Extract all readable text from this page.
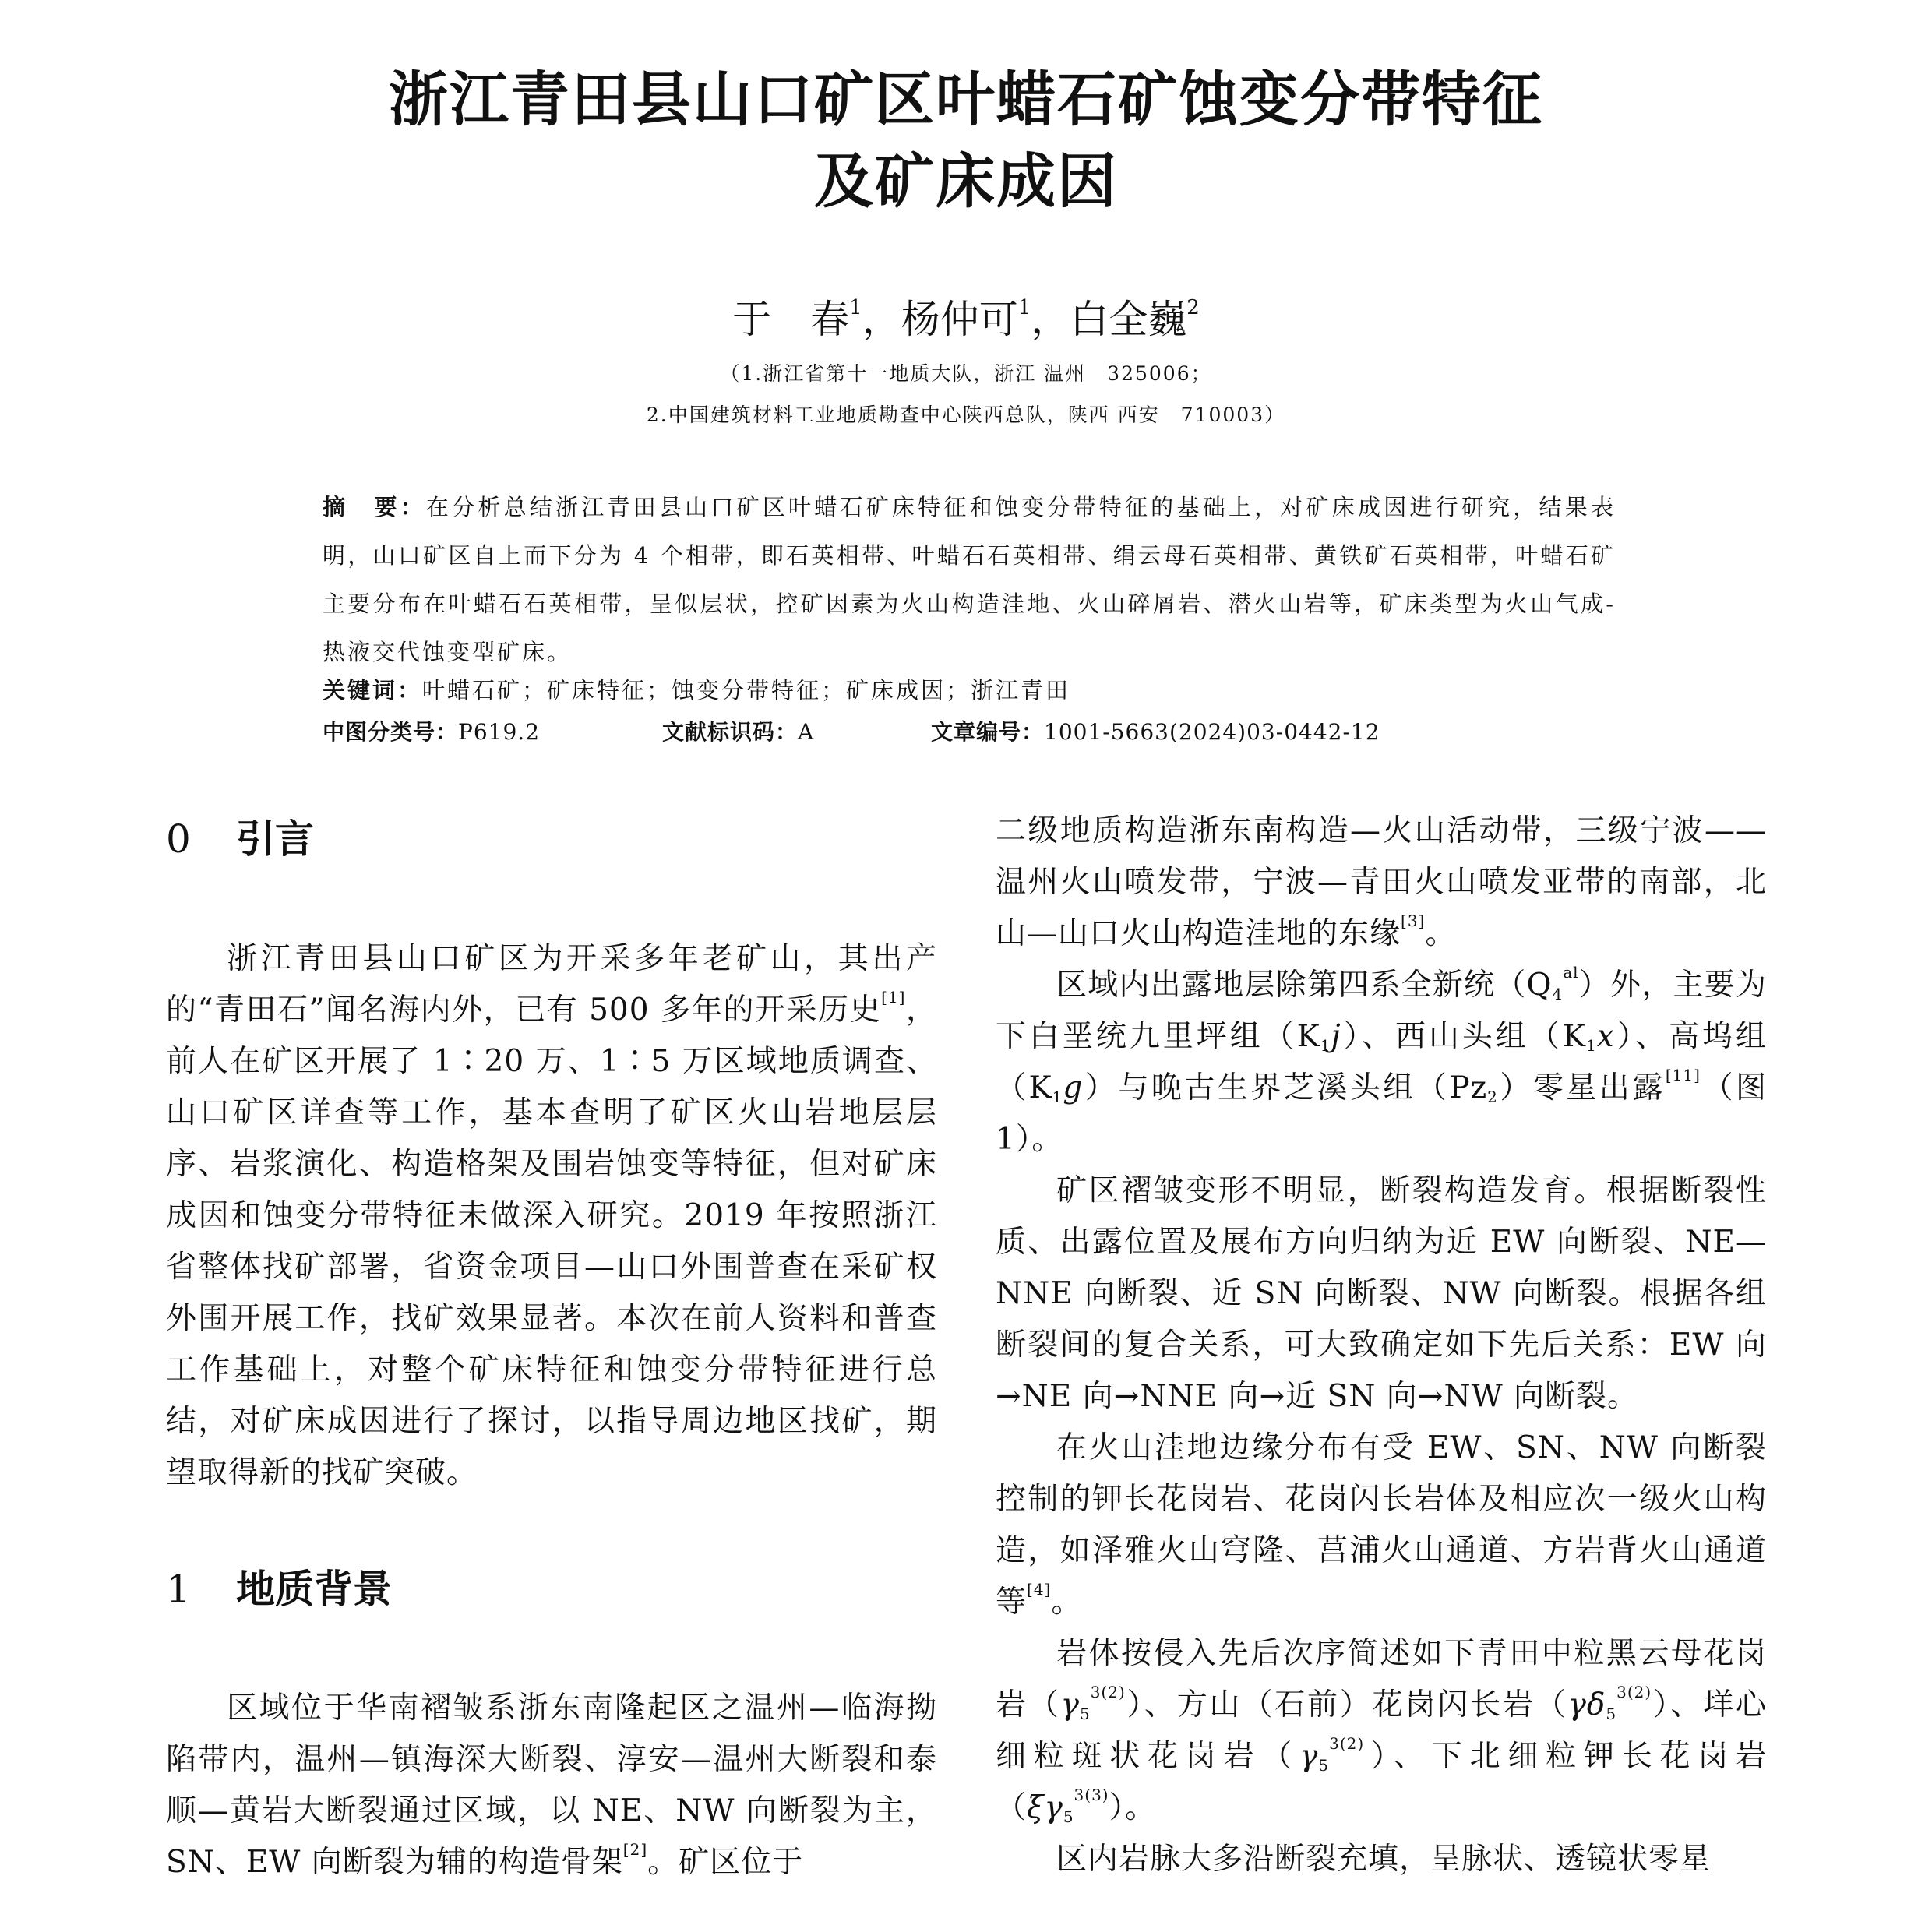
浙江青田县山口矿区叶蜡石矿蚀变分带特征
及矿床成因
于　春$^1$，杨仲可$^1$，白全巍$^2$
（1.浙江省第十一地质大队，浙江 温州　325006；
2.中国建筑材料工业地质勘查中心陕西总队，陕西 西安　710003）
摘　要：在分析总结浙江青田县山口矿区叶蜡石矿床特征和蚀变分带特征的基础上，对矿床成因进行研究，结果表明，山口矿区自上而下分为 4 个相带，即石英相带、叶蜡石石英相带、绢云母石英相带、黄铁矿石英相带，叶蜡石矿主要分布在叶蜡石石英相带，呈似层状，控矿因素为火山构造洼地、火山碎屑岩、潜火山岩等，矿床类型为火山气成-热液交代蚀变型矿床。
关键词：叶蜡石矿；矿床特征；蚀变分带特征；矿床成因；浙江青田
中图分类号：P619.2	文献标识码：A	文章编号：1001-5663(2024)03-0442-12
0 引言

浙江青田县山口矿区为开采多年老矿山，其出产的“青田石”闻名海内外，已有 500 多年的开采历史[1]，前人在矿区开展了 1∶20 万、1∶5 万区域地质调查、山口矿区详查等工作，基本查明了矿区火山岩地层层序、岩浆演化、构造格架及围岩蚀变等特征，但对矿床成因和蚀变分带特征未做深入研究。2019 年按照浙江省整体找矿部署，省资金项目—山口外围普查在采矿权外围开展工作，找矿效果显著。本次在前人资料和普查工作基础上，对整个矿床特征和蚀变分带特征进行总结，对矿床成因进行了探讨，以指导周边地区找矿，期望取得新的找矿突破。

1 地质背景

区域位于华南褶皱系浙东南隆起区之温州—临海拗陷带内，温州—镇海深大断裂、淳安—温州大断裂和泰顺—黄岩大断裂通过区域，以 NE、NW 向断裂为主，SN、EW 向断裂为辅的构造骨架[2]。矿区位于

二级地质构造浙东南构造—火山活动带，三级宁波——温州火山喷发带，宁波—青田火山喷发亚带的南部，北山—山口火山构造洼地的东缘[3]。

区域内出露地层除第四系全新统$(Q_4^{al})$外，主要为下白垩统九里坪组$(K_1j)$、西山头组$(K_1x)$、高坞组$(K_1g)$与晚古生界芝溪头组$(Pz_2)$零星出露[11]（图 1）。

矿区褶皱变形不明显，断裂构造发育。根据断裂性质、出露位置及展布方向归纳为近 EW 向断裂、NE—NNE 向断裂、近 SN 向断裂、NW 向断裂。根据各组断裂间的复合关系，可大致确定如下先后关系：EW 向→NE 向→NNE 向→近 SN 向→NW 向断裂。

在火山洼地边缘分布有受 EW、SN、NW 向断裂控制的钾长花岗岩、花岗闪长岩体及相应次一级火山构造，如泽雅火山穹隆、莒浦火山通道、方岩背火山通道等[4]。

岩体按侵入先后次序简述如下青田中粒黑云母花岗岩$(\gamma_5^{3(2)})$、方山（石前）花岗闪长岩$(\gamma\delta_5^{3(2)})$、垟心细粒斑状花岗岩$(\gamma_5^{3(2)})$、下北细粒钾长花岗岩$(\xi\gamma_5^{3(3)})$。

区内岩脉大多沿断裂充填，呈脉状、透镜状零星
